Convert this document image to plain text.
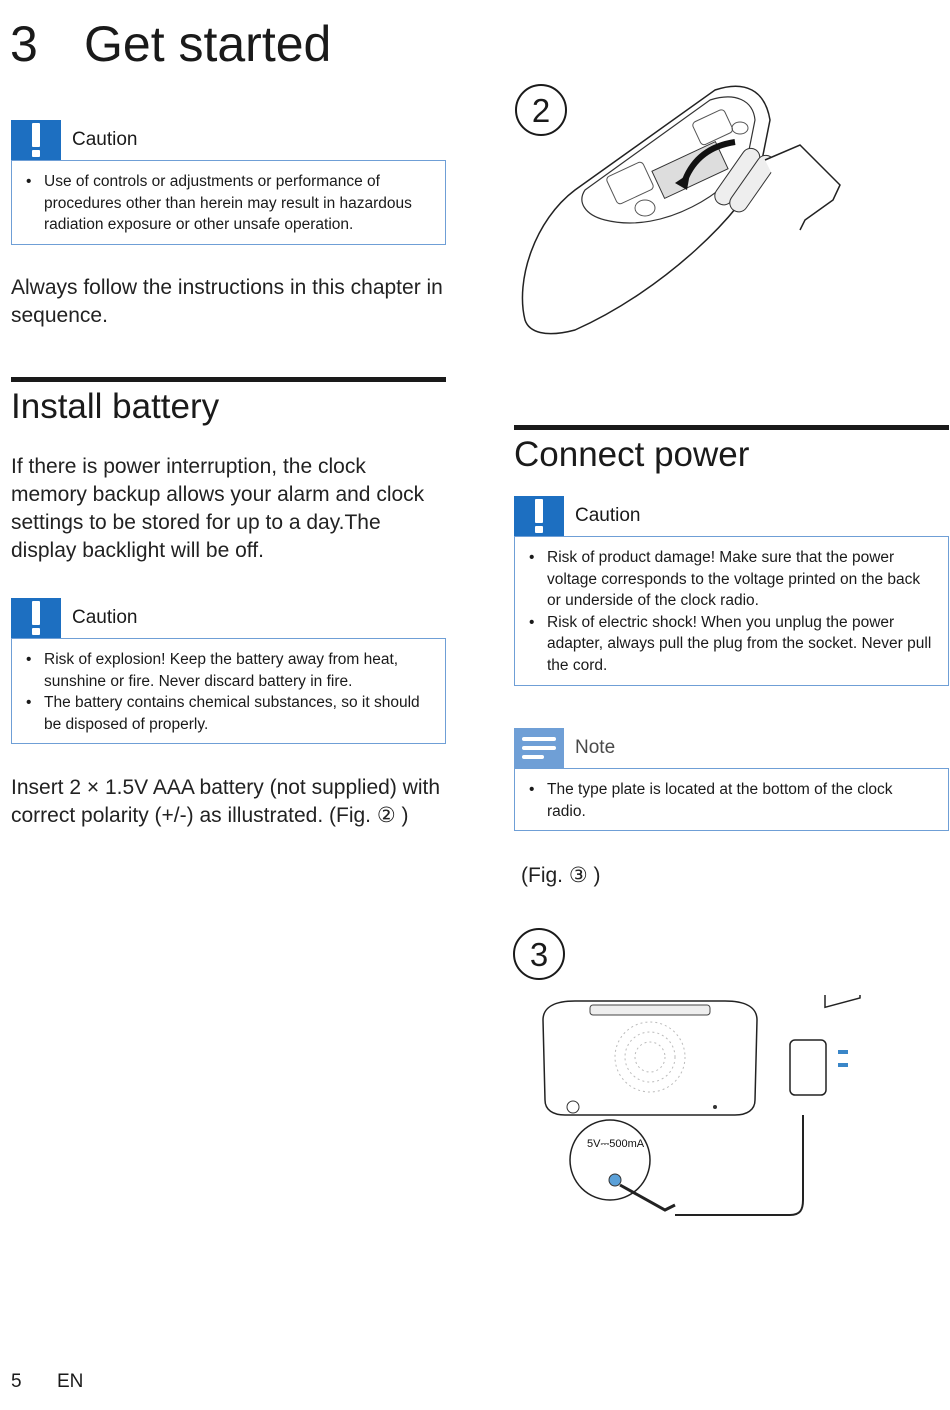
3 Get started
Caution
• Use of controls or adjustments or performance of procedures other than herein may result in hazardous radiation exposure or other unsafe operation.
Always follow the instructions in this chapter in sequence.
Install battery
If there is power interruption, the clock memory backup allows your alarm and clock settings to be stored for up to a day.The display backlight will be off.
Caution
• Risk of explosion! Keep the battery away from heat, sunshine or fire. Never discard battery in fire.
• The battery contains chemical substances, so it should be disposed of properly.
Insert 2 × 1.5V AAA battery (not supplied) with correct polarity (+/-) as illustrated. (Fig. ② )
2
Connect power
Caution
• Risk of product damage! Make sure that the power voltage corresponds to the voltage printed on the back or underside of the clock radio.
• Risk of electric shock! When you unplug the power adapter, always pull the plug from the socket. Never pull the cord.
Note
• The type plate is located at the bottom of the clock radio.
(Fig. ③ )
3
5V⎓500mA
5 EN
